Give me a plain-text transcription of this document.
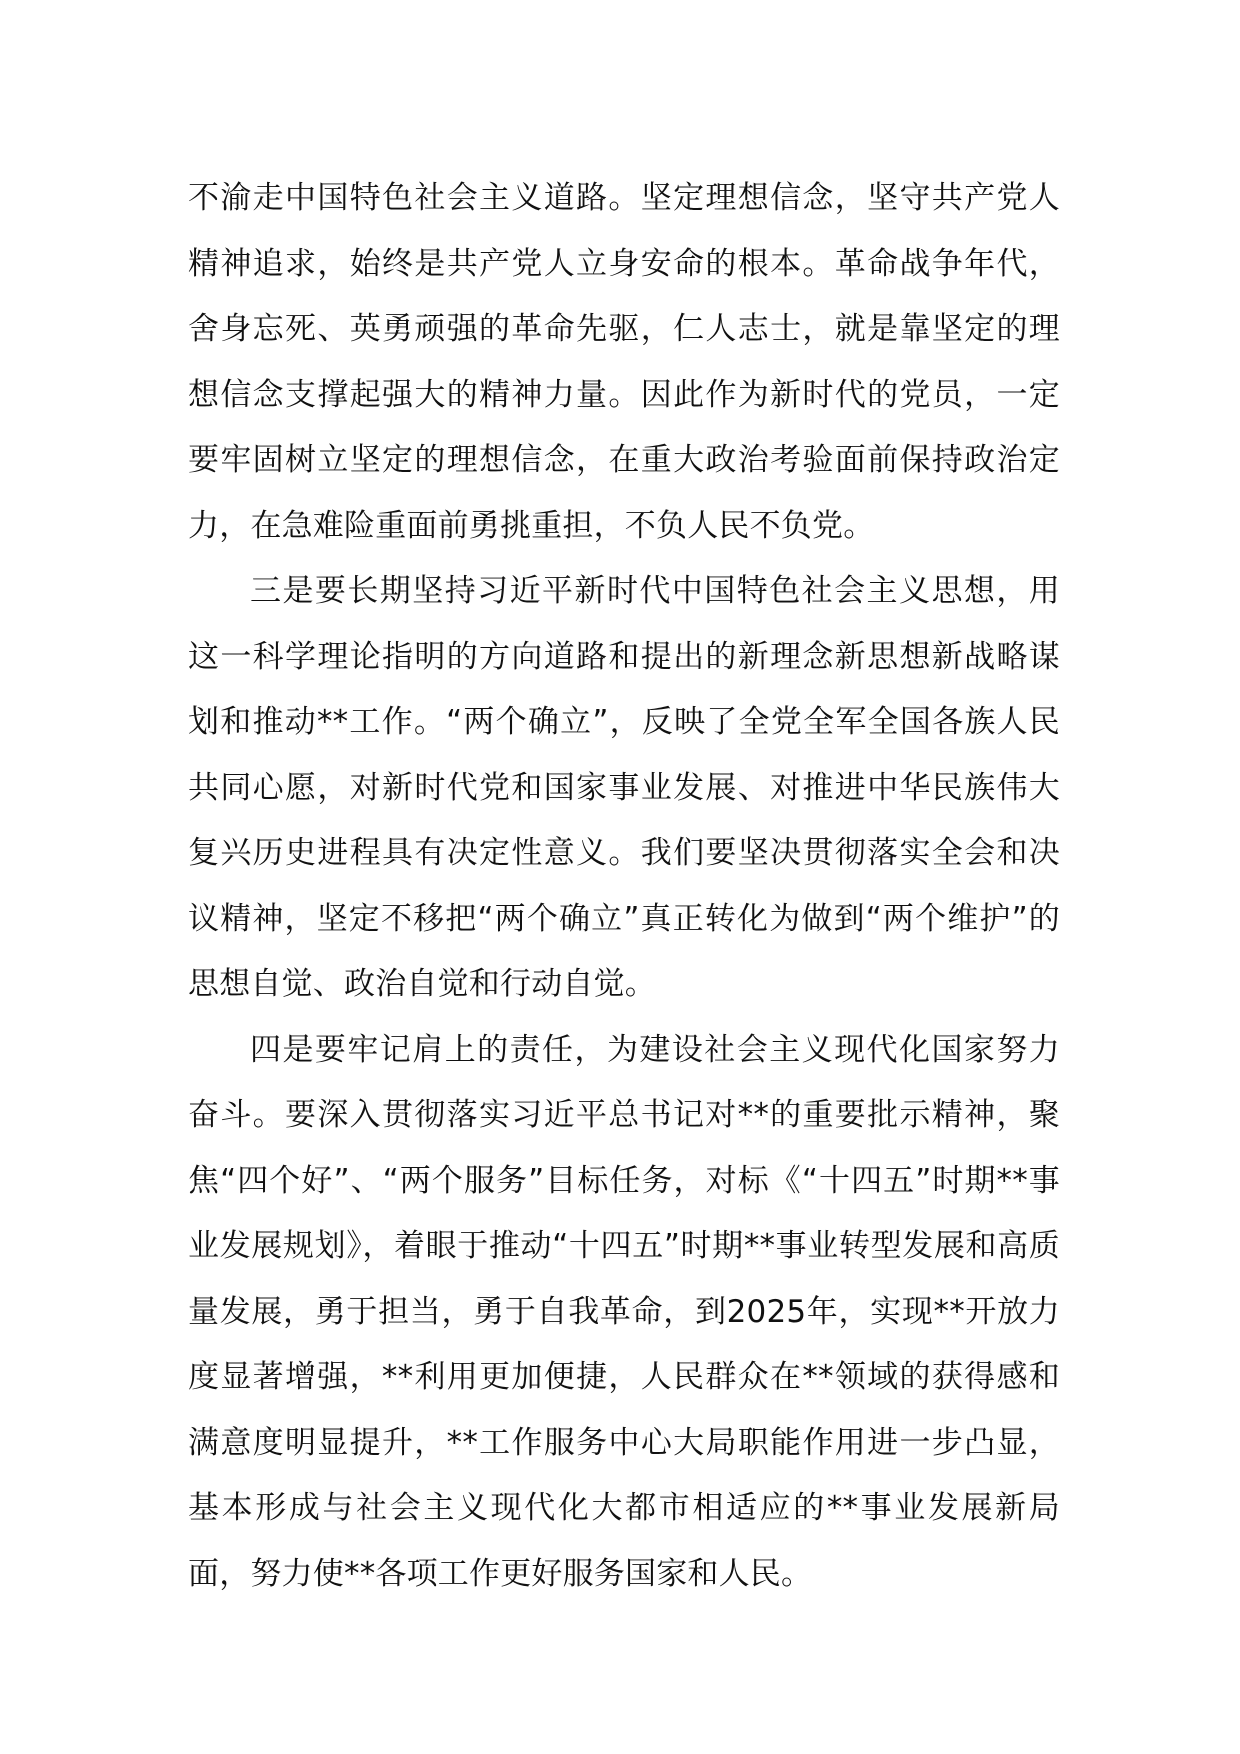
不渝走中国特色社会主义道路。坚定理想信念，坚守共产党人精神追求，始终是共产党人立身安命的根本。革命战争年代，舍身忘死、英勇顽强的革命先驱，仁人志士，就是靠坚定的理想信念支撑起强大的精神力量。因此作为新时代的党员，一定要牢固树立坚定的理想信念，在重大政治考验面前保持政治定力，在急难险重面前勇挑重担，不负人民不负党。

三是要长期坚持习近平新时代中国特色社会主义思想，用这一科学理论指明的方向道路和提出的新理念新思想新战略谋划和推动**工作。“两个确立”，反映了全党全军全国各族人民共同心愿，对新时代党和国家事业发展、对推进中华民族伟大复兴历史进程具有决定性意义。我们要坚决贯彻落实全会和决议精神，坚定不移把“两个确立”真正转化为做到“两个维护”的思想自觉、政治自觉和行动自觉。

四是要牢记肩上的责任，为建设社会主义现代化国家努力奋斗。要深入贯彻落实习近平总书记对**的重要批示精神，聚焦“四个好”、“两个服务”目标任务，对标《“十四五”时期**事业发展规划》，着眼于推动“十四五”时期**事业转型发展和高质量发展，勇于担当，勇于自我革命，到2025年，实现**开放力度显著增强，**利用更加便捷，人民群众在**领域的获得感和满意度明显提升，**工作服务中心大局职能作用进一步凸显，基本形成与社会主义现代化大都市相适应的**事业发展新局面，努力使**各项工作更好服务国家和人民。
